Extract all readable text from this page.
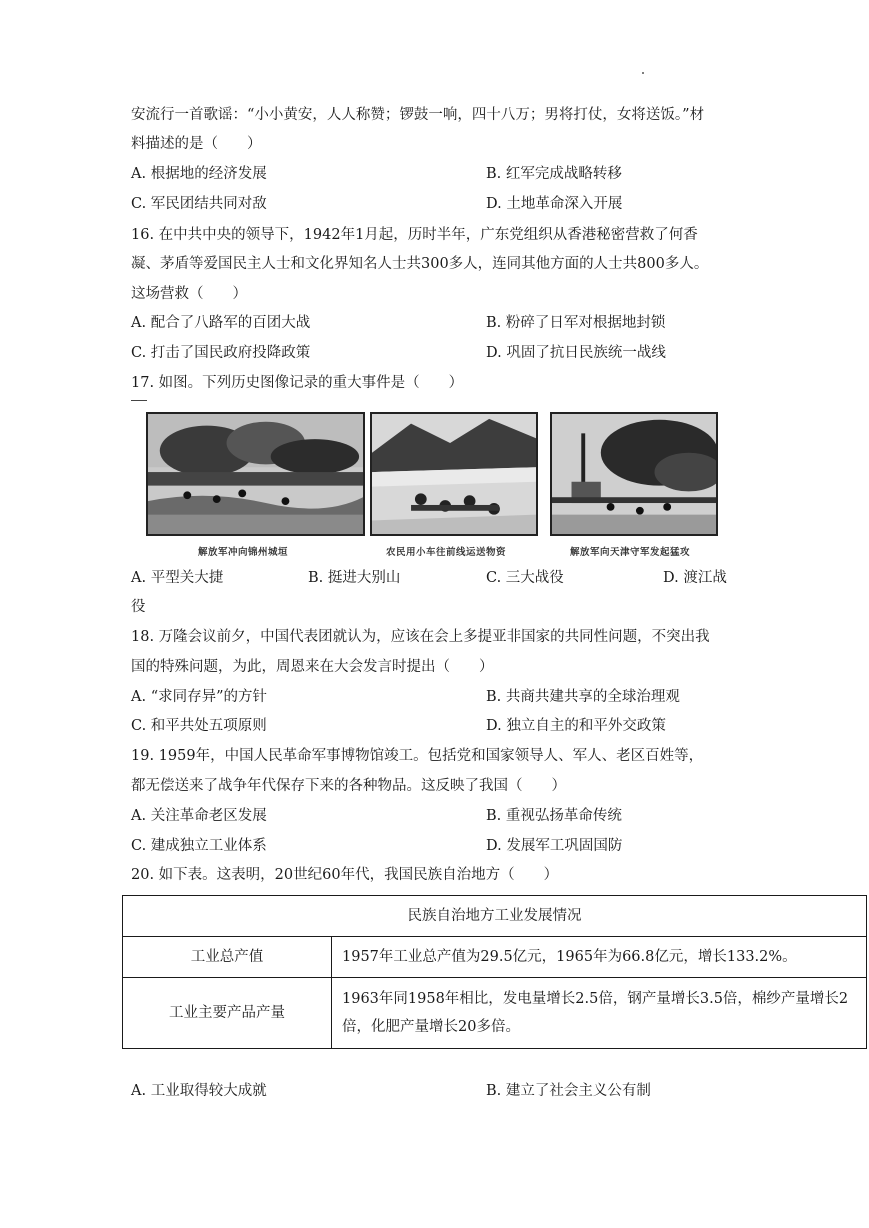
安流行一首歌谣：“小小黄安，人人称赞；锣鼓一响，四十八万；男将打仗，女将送饭。”材
料描述的是（　　）
A. 根据地的经济发展	B. 红军完成战略转移
C. 军民团结共同对敌	D. 土地革命深入开展
16. 在中共中央的领导下，1942年1月起，历时半年，广东党组织从香港秘密营救了何香
凝、茅盾等爱国民主人士和文化界知名人士共300多人，连同其他方面的人士共800多人。
这场营救（　　）
A. 配合了八路军的百团大战	B. 粉碎了日军对根据地封锁
C. 打击了国民政府投降政策	D. 巩固了抗日民族统一战线
17. 如图。下列历史图像记录的重大事件是（　　）
解放军冲向锦州城垣	农民用小车往前线运送物资	解放军向天津守军发起猛攻
A. 平型关大捷	B. 挺进大别山	C. 三大战役	D. 渡江战
役
18. 万隆会议前夕，中国代表团就认为，应该在会上多提亚非国家的共同性问题，不突出我
国的特殊问题，为此，周恩来在大会发言时提出（　　）
A. “求同存异”的方针	B. 共商共建共享的全球治理观
C. 和平共处五项原则	D. 独立自主的和平外交政策
19. 1959年，中国人民革命军事博物馆竣工。包括党和国家领导人、军人、老区百姓等，
都无偿送来了战争年代保存下来的各种物品。这反映了我国（　　）
A. 关注革命老区发展	B. 重视弘扬革命传统
C. 建成独立工业体系	D. 发展军工巩固国防
20. 如下表。这表明，20世纪60年代，我国民族自治地方（　　）
民族自治地方工业发展情况	
工业总产值	1957年工业总产值为29.5亿元，1965年为66.8亿元，增长133.2%。
工业主要产品产量	1963年同1958年相比，发电量增长2.5倍，钢产量增长3.5倍，棉纱产量增长2倍，化肥产量增长20多倍。
A. 工业取得较大成就	B. 建立了社会主义公有制
